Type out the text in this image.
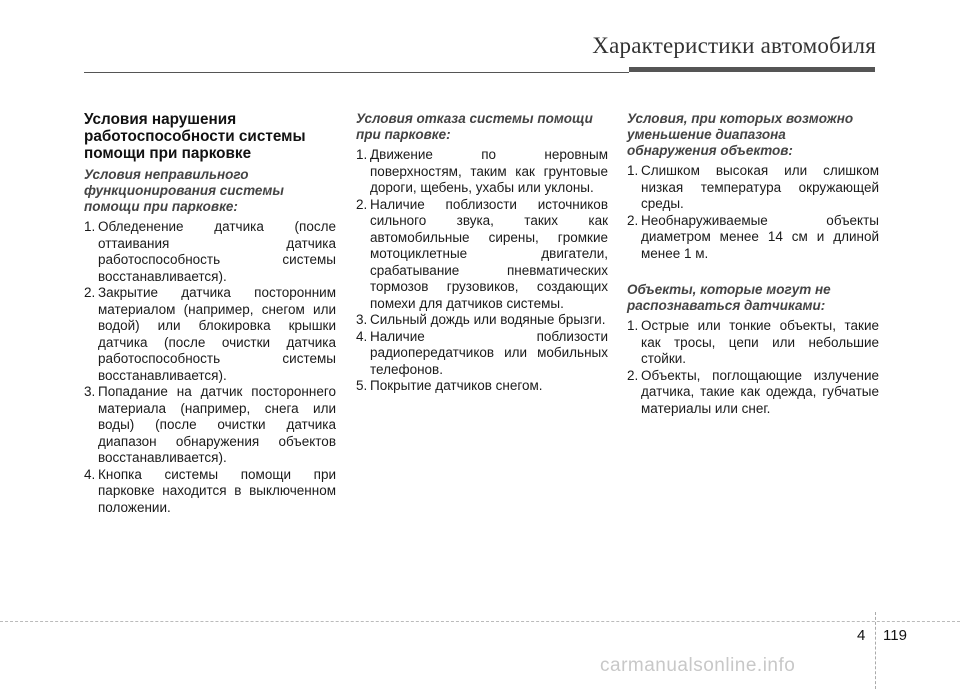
Характеристики автомобиля
Условия нарушения работоспособности системы помощи при парковке
Условия неправильного функционирования системы помощи при парковке:
1. Обледенение датчика (после оттаивания датчика работоспособность системы восстанавливается).
2. Закрытие датчика посторонним материалом (например, снегом или водой) или блокировка крышки датчика (после очистки датчика работоспособность системы восстанавливается).
3. Попадание на датчик постороннего материала (например, снега или воды) (после очистки датчика диапазон обнаружения объектов восстанавливается).
4. Кнопка системы помощи при парковке находится в выключенном положении.
Условия отказа системы помощи при парковке:
1. Движение по неровным поверхностям, таким как грунтовые дороги, щебень, ухабы или уклоны.
2. Наличие поблизости источников сильного звука, таких как автомобильные сирены, громкие мотоциклетные двигатели, срабатывание пневматических тормозов грузовиков, создающих помехи для датчиков системы.
3. Сильный дождь или водяные брызги.
4. Наличие поблизости радиопередатчиков или мобильных телефонов.
5. Покрытие датчиков снегом.
Условия, при которых возможно уменьшение диапазона обнаружения объектов:
1. Слишком высокая или слишком низкая температура окружающей среды.
2. Необнаруживаемые объекты диаметром менее 14 см и длиной менее 1 м.
Объекты, которые могут не распознаваться датчиками:
1. Острые или тонкие объекты, такие как тросы, цепи или небольшие стойки.
2. Объекты, поглощающие излучение датчика, такие как одежда, губчатые материалы или снег.
4 119
carmanualsonline.info
